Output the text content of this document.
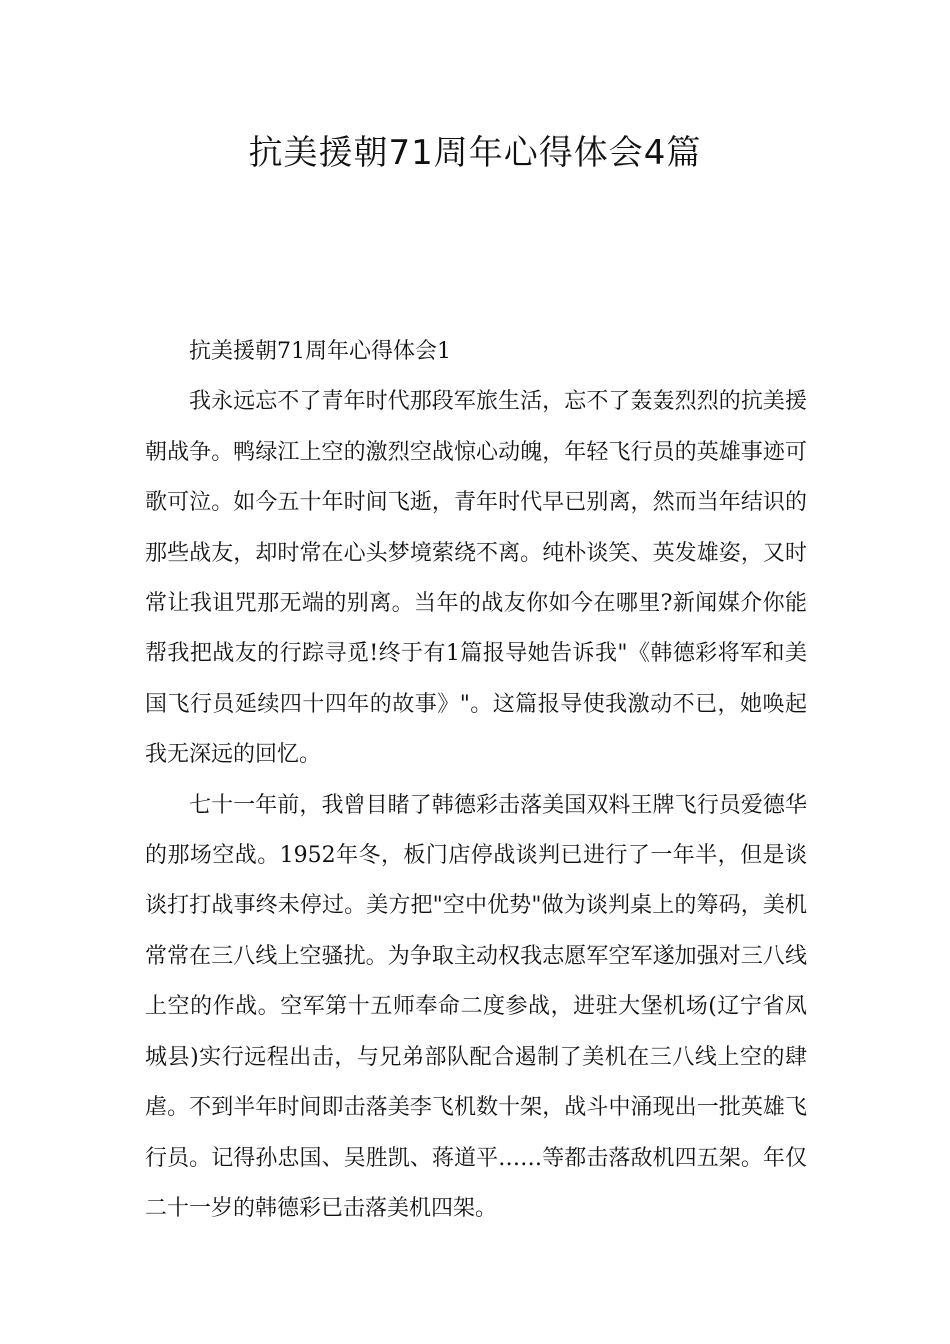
抗美援朝71周年心得体会4篇
抗美援朝71周年心得体会1

我永远忘不了青年时代那段军旅生活，忘不了轰轰烈烈的抗美援朝战争。鸭绿江上空的激烈空战惊心动魄，年轻飞行员的英雄事迹可歌可泣。如今五十年时间飞逝，青年时代早已别离，然而当年结识的那些战友，却时常在心头梦境萦绕不离。纯朴谈笑、英发雄姿，又时常让我诅咒那无端的别离。当年的战友你如今在哪里?新闻媒介你能帮我把战友的行踪寻觅!终于有1篇报导她告诉我"《韩德彩将军和美国飞行员延续四十四年的故事》"。这篇报导使我激动不已，她唤起我无深远的回忆。

七十一年前，我曾目睹了韩德彩击落美国双料王牌飞行员爱德华的那场空战。1952年冬，板门店停战谈判已进行了一年半，但是谈谈打打战事终未停过。美方把"空中优势"做为谈判桌上的筹码，美机常常在三八线上空骚扰。为争取主动权我志愿军空军遂加强对三八线上空的作战。空军第十五师奉命二度参战，进驻大堡机场(辽宁省凤城县)实行远程出击，与兄弟部队配合遏制了美机在三八线上空的肆虐。不到半年时间即击落美李飞机数十架，战斗中涌现出一批英雄飞行员。记得孙忠国、吴胜凯、蒋道平……等都击落敌机四五架。年仅二十一岁的韩德彩已击落美机四架。
